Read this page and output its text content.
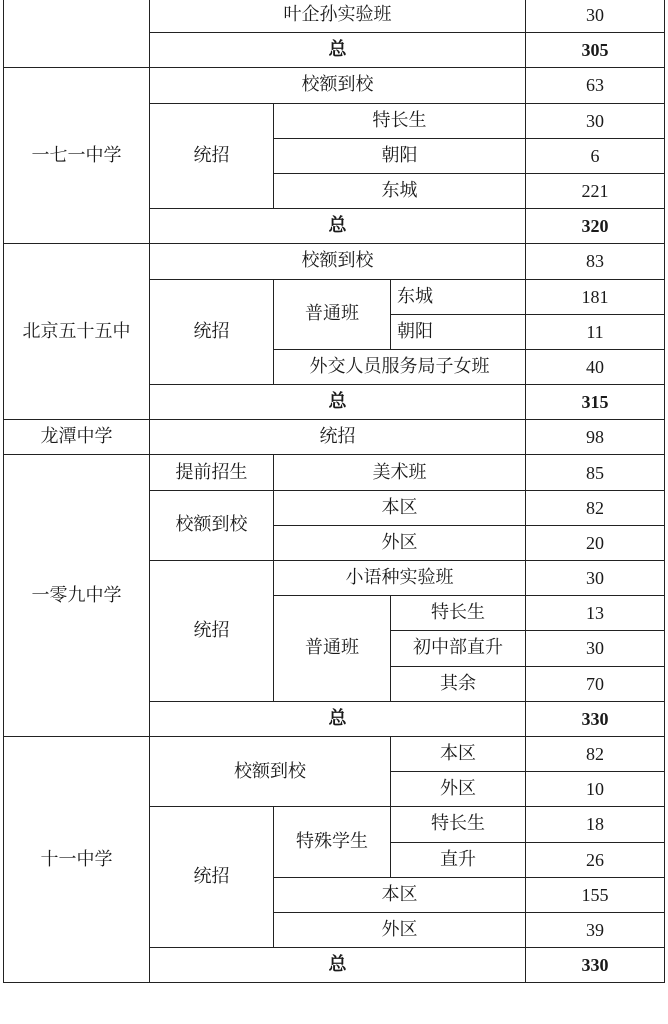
	叶企孙实验班			30
	总			305
一七一中学	校额到校			63
	统招	特长生		30
		朝阳		6
		东城		221
	总			320
北京五十五中	校额到校			83
	统招	普通班	东城	181
			朝阳	11
		外交人员服务局子女班		40

	总			315
龙潭中学	统招			98
一零九中学	提前招生	美术班		85
	校额到校	本区		82
		外区		20
	统招	小语种实验班		30
		普通班	特长生	13
			初中部直升	30
			其余	70
	总			330
十一中学	校额到校		本区	82
			外区	10
	统招	特殊学生	特长生	18
			直升	26
		本区		155
		外区		39
	总			330
